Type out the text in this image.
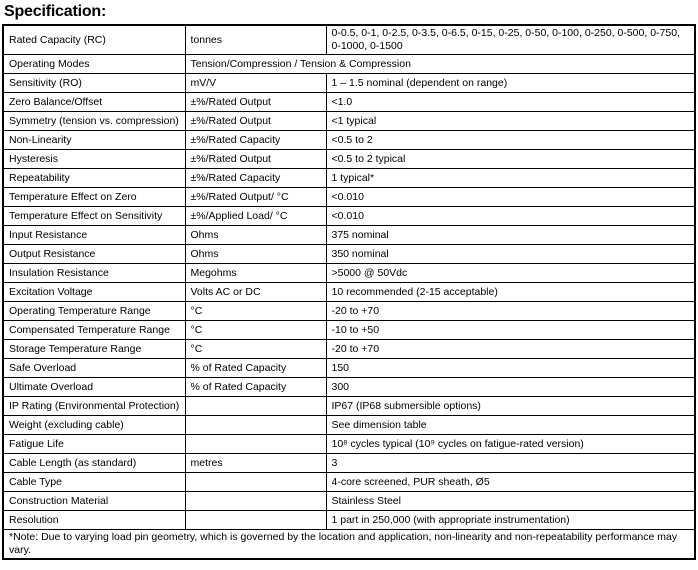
Specification:
Rated Capacity (RC)	tonnes	0-0.5, 0-1, 0-2.5, 0-3.5, 0-6.5, 0-15, 0-25, 0-50, 0-100, 0-250, 0-500, 0-750, 0-1000, 0-1500
Operating Modes	Tension/Compression / Tension & Compression	
Sensitivity (RO)	mV/V	1 – 1.5 nominal (dependent on range)
Zero Balance/Offset	±%/Rated Output	<1.0
Symmetry (tension vs. compression)	±%/Rated Output	<1 typical
Non-Linearity	±%/Rated Capacity	<0.5 to 2
Hysteresis	±%/Rated Output	<0.5 to 2 typical
Repeatability	±%/Rated Capacity	1 typical*
Temperature Effect on Zero	±%/Rated Output/ °C	<0.010
Temperature Effect on Sensitivity	±%/Applied Load/ °C	<0.010
Input Resistance	Ohms	375 nominal
Output Resistance	Ohms	350 nominal
Insulation Resistance	Megohms	>5000 @ 50Vdc
Excitation Voltage	Volts AC or DC	10 recommended (2-15 acceptable)
Operating Temperature Range	°C	-20 to +70
Compensated Temperature Range	°C	-10 to +50
Storage Temperature Range	°C	-20 to +70
Safe Overload	% of Rated Capacity	150
Ultimate Overload	% of Rated Capacity	300
IP Rating (Environmental Protection)		IP67 (IP68 submersible options)
Weight (excluding cable)		See dimension table
Fatigue Life		10⁸ cycles typical (10⁹ cycles on fatigue-rated version)
Cable Length (as standard)	metres	3
Cable Type		4-core screened, PUR sheath, Ø5
Construction Material		Stainless Steel
Resolution		1 part in 250,000 (with appropriate instrumentation)
*Note: Due to varying load pin geometry, which is governed by the location and application, non-linearity and non-repeatability performance may vary.		
